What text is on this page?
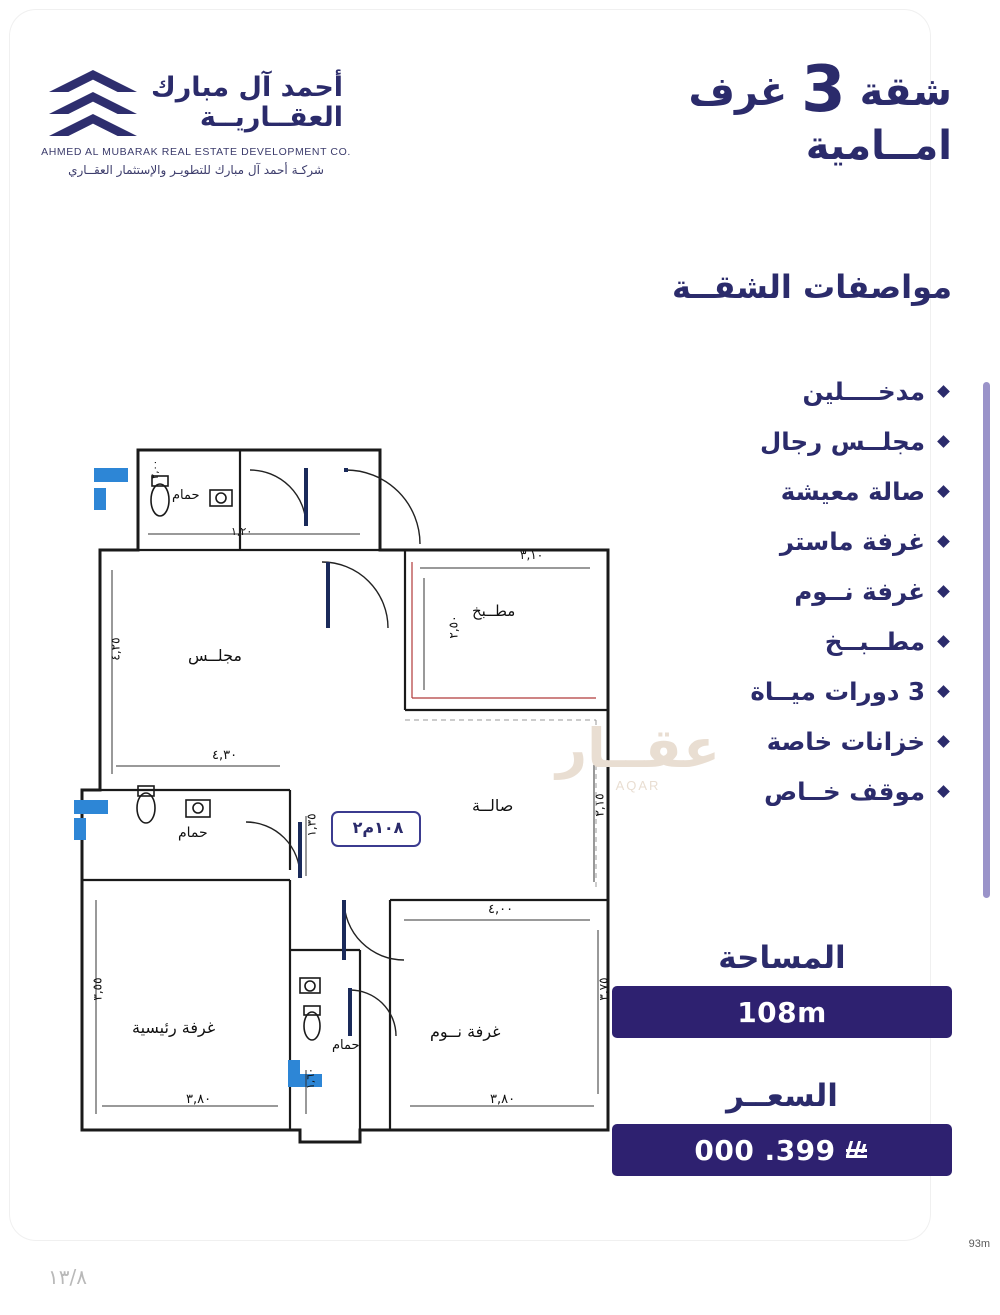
أحمد آل مبارك
العقــاريــة
AHMED AL MUBARAK REAL ESTATE DEVELOPMENT CO.
شركـة أحمد آل مبارك للتطويـر والإستثمار العقــاري
شقة 3 غرف
امــامية
مواصفات الشقــة
مدخــــلين
مجلــس رجال
صالة معيشة
غرفة ماستر
غرفة نــوم
مطــبــخ
3 دورات ميــاة
خزانات خاصة
موقف خــاص
المساحة
108m
السعــر
399. 000
حمام
١,٢٠
٢,٠٠
مجلــس
٤,٣٠
٤,٢٥
مطــبخ
٣,١٠
٢,٥٠
صالــة
٤,٠٠
٢,١٥
حمام	١,٣٥
غرفة رئيسية
٣,٨٠
٣,٥٥
حمام
١,٦٠
غرفة نــوم
٣,٨٠
٣,٧٥
١٠٨م٢
عقــار
AQAR
93m
١٣/٨
